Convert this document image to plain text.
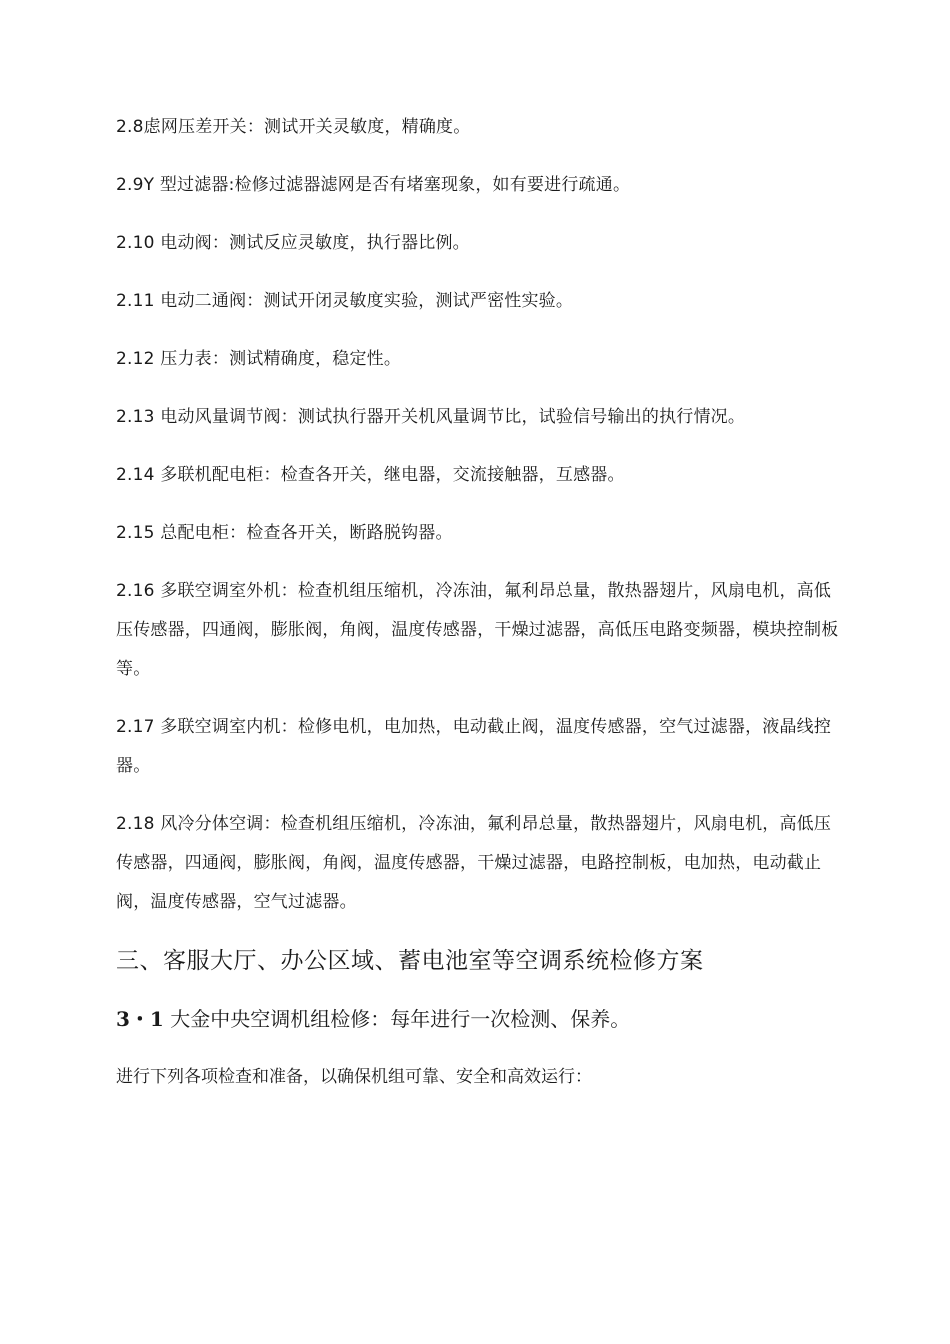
2.8虑网压差开关：测试开关灵敏度，精确度。

2.9Y 型过滤器:检修过滤器滤网是否有堵塞现象，如有要进行疏通。

2.10 电动阀：测试反应灵敏度，执行器比例。

2.11 电动二通阀：测试开闭灵敏度实验，测试严密性实验。

2.12 压力表：测试精确度，稳定性。

2.13 电动风量调节阀：测试执行器开关机风量调节比，试验信号输出的执行情况。

2.14 多联机配电柜：检查各开关，继电器，交流接触器，互感器。

2.15 总配电柜：检查各开关，断路脱钩器。

2.16 多联空调室外机：检查机组压缩机，冷冻油，氟利昂总量，散热器翅片，风扇电机，高低压传感器，四通阀，膨胀阀，角阀，温度传感器，干燥过滤器，高低压电路变频器，模块控制板等。

2.17 多联空调室内机：检修电机，电加热，电动截止阀，温度传感器，空气过滤器，液晶线控器。

2.18 风冷分体空调：检查机组压缩机，冷冻油，氟利昂总量，散热器翅片，风扇电机，高低压传感器，四通阀，膨胀阀，角阀，温度传感器，干燥过滤器，电路控制板，电加热，电动截止阀，温度传感器，空气过滤器。

三、客服大厅、办公区域、蓄电池室等空调系统检修方案

3・1 大金中央空调机组检修：每年进行一次检测、保养。

进行下列各项检查和准备，以确保机组可靠、安全和高效运行：
